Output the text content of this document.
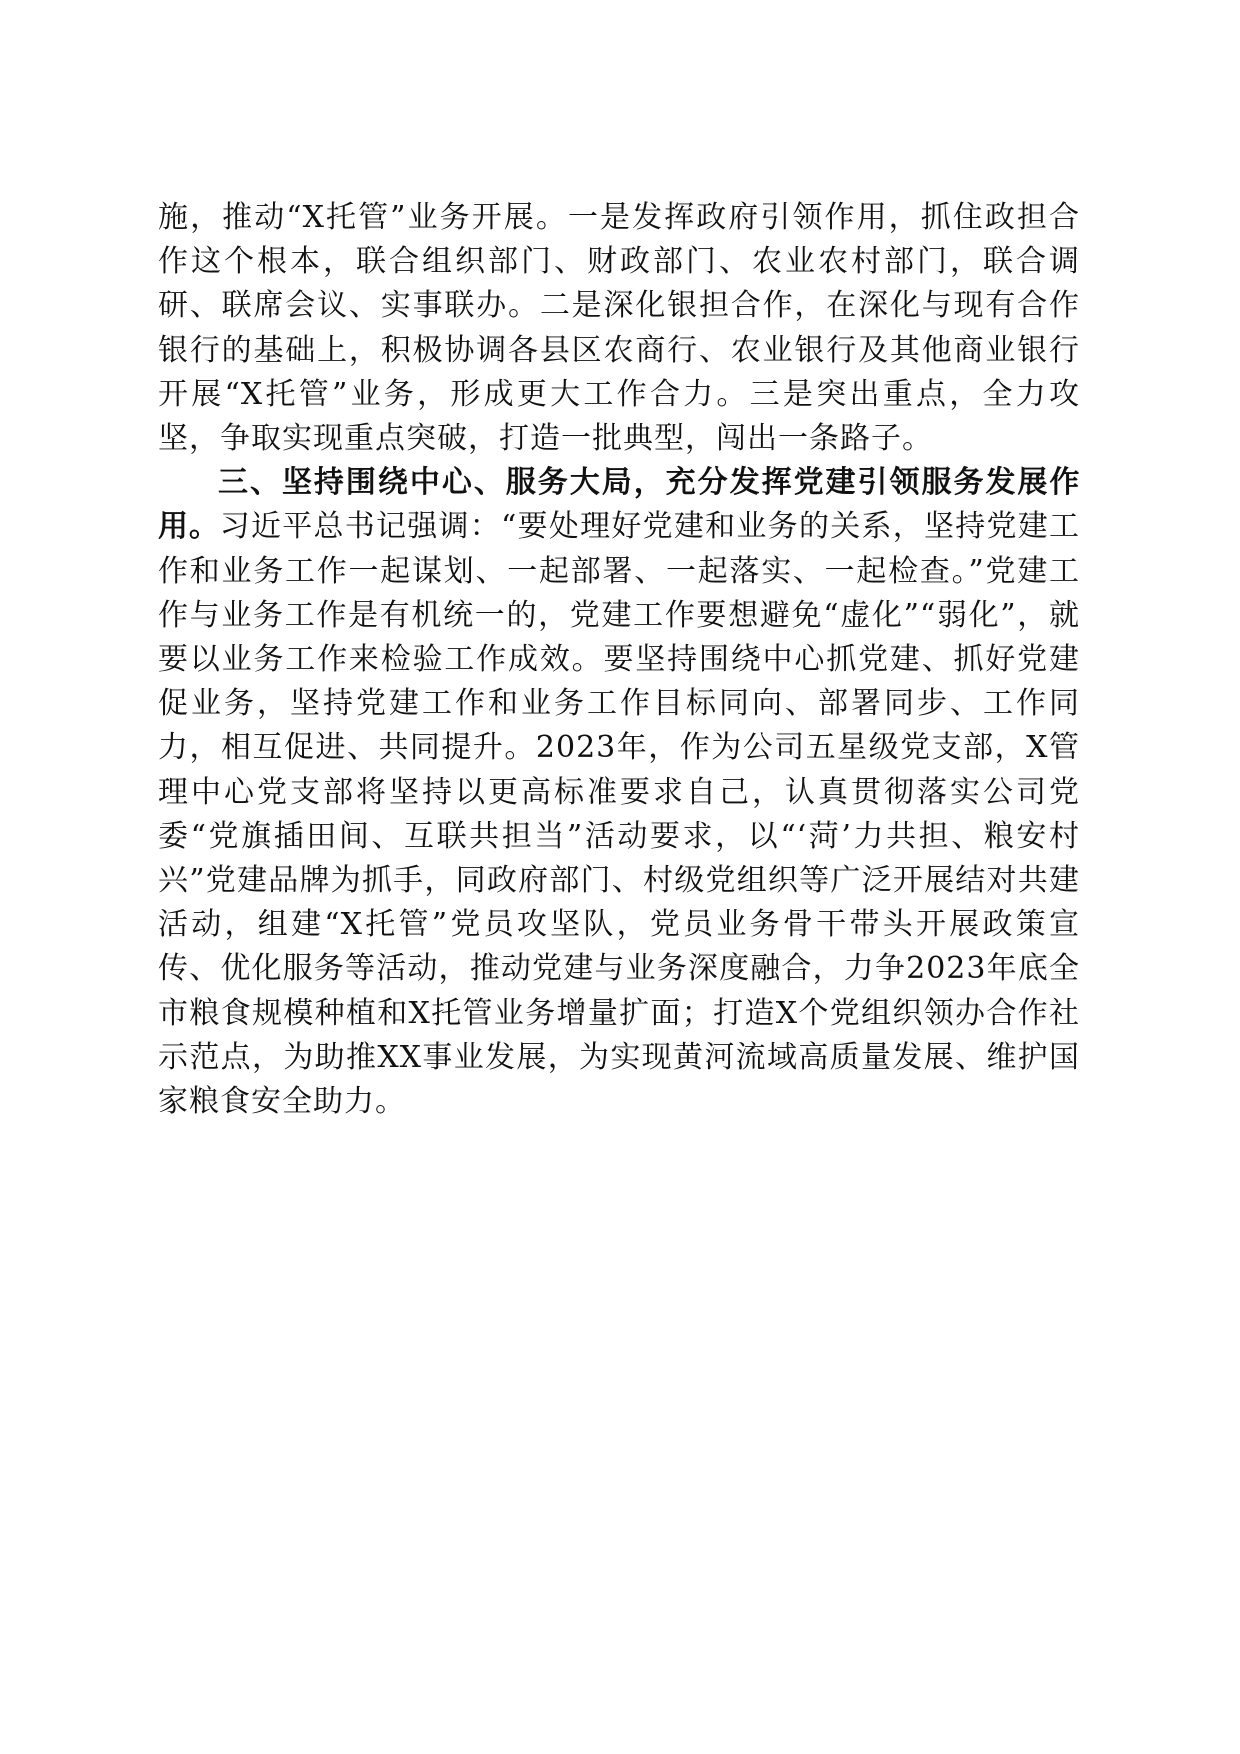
施，推动“X托管”业务开展。一是发挥政府引领作用，抓住政担合作这个根本，联合组织部门、财政部门、农业农村部门，联合调研、联席会议、实事联办。二是深化银担合作，在深化与现有合作银行的基础上，积极协调各县区农商行、农业银行及其他商业银行开展“X托管”业务，形成更大工作合力。三是突出重点，全力攻坚，争取实现重点突破，打造一批典型，闯出一条路子。

三、坚持围绕中心、服务大局，充分发挥党建引领服务发展作用。习近平总书记强调：“要处理好党建和业务的关系，坚持党建工作和业务工作一起谋划、一起部署、一起落实、一起检查。”党建工作与业务工作是有机统一的，党建工作要想避免“虚化”“弱化”，就要以业务工作来检验工作成效。要坚持围绕中心抓党建、抓好党建促业务，坚持党建工作和业务工作目标同向、部署同步、工作同力，相互促进、共同提升。2023年，作为公司五星级党支部，X管理中心党支部将坚持以更高标准要求自己，认真贯彻落实公司党委“党旗插田间、互联共担当”活动要求，以“‘菏’力共担、粮安村兴”党建品牌为抓手，同政府部门、村级党组织等广泛开展结对共建活动，组建“X托管”党员攻坚队，党员业务骨干带头开展政策宣传、优化服务等活动，推动党建与业务深度融合，力争2023年底全市粮食规模种植和X托管业务增量扩面；打造X个党组织领办合作社示范点，为助推XX事业发展，为实现黄河流域高质量发展、维护国家粮食安全助力。
